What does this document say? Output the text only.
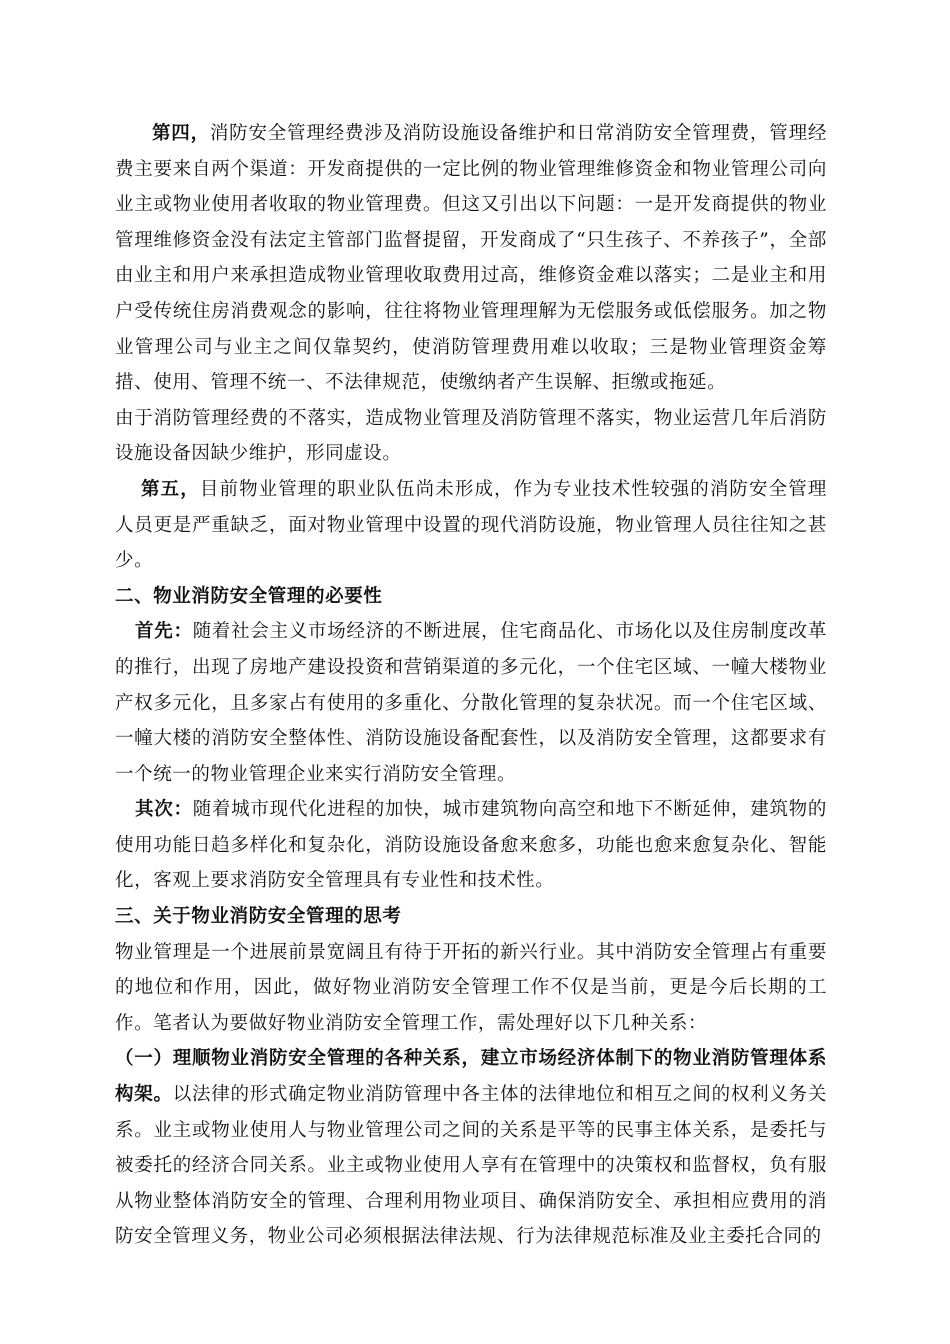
第四，消防安全管理经费涉及消防设施设备维护和日常消防安全管理费，管理经费主要来自两个渠道：开发商提供的一定比例的物业管理维修资金和物业管理公司向业主或物业使用者收取的物业管理费。但这又引出以下问题：一是开发商提供的物业管理维修资金没有法定主管部门监督提留，开发商成了“只生孩子、不养孩子”，全部由业主和用户来承担造成物业管理收取费用过高，维修资金难以落实；二是业主和用户受传统住房消费观念的影响，往往将物业管理理解为无偿服务或低偿服务。加之物业管理公司与业主之间仅靠契约，使消防管理费用难以收取；三是物业管理资金筹措、使用、管理不统一、不法律规范，使缴纳者产生误解、拒缴或拖延。

由于消防管理经费的不落实，造成物业管理及消防管理不落实，物业运营几年后消防设施设备因缺少维护，形同虚设。

第五，目前物业管理的职业队伍尚未形成，作为专业技术性较强的消防安全管理人员更是严重缺乏，面对物业管理中设置的现代消防设施，物业管理人员往往知之甚少。

二、物业消防安全管理的必要性

首先：随着社会主义市场经济的不断进展，住宅商品化、市场化以及住房制度改革的推行，出现了房地产建设投资和营销渠道的多元化，一个住宅区域、一幢大楼物业产权多元化，且多家占有使用的多重化、分散化管理的复杂状况。而一个住宅区域、一幢大楼的消防安全整体性、消防设施设备配套性，以及消防安全管理，这都要求有一个统一的物业管理企业来实行消防安全管理。

其次：随着城市现代化进程的加快，城市建筑物向高空和地下不断延伸，建筑物的使用功能日趋多样化和复杂化，消防设施设备愈来愈多，功能也愈来愈复杂化、智能化，客观上要求消防安全管理具有专业性和技术性。

三、关于物业消防安全管理的思考

物业管理是一个进展前景宽阔且有待于开拓的新兴行业。其中消防安全管理占有重要的地位和作用，因此，做好物业消防安全管理工作不仅是当前，更是今后长期的工作。笔者认为要做好物业消防安全管理工作，需处理好以下几种关系：

（一）理顺物业消防安全管理的各种关系，建立市场经济体制下的物业消防管理体系构架。以法律的形式确定物业消防管理中各主体的法律地位和相互之间的权利义务关系。业主或物业使用人与物业管理公司之间的关系是平等的民事主体关系，是委托与被委托的经济合同关系。业主或物业使用人享有在管理中的决策权和监督权，负有服从物业整体消防安全的管理、合理利用物业项目、确保消防安全、承担相应费用的消防安全管理义务，物业公司必须根据法律法规、行为法律规范标准及业主委托合同的
